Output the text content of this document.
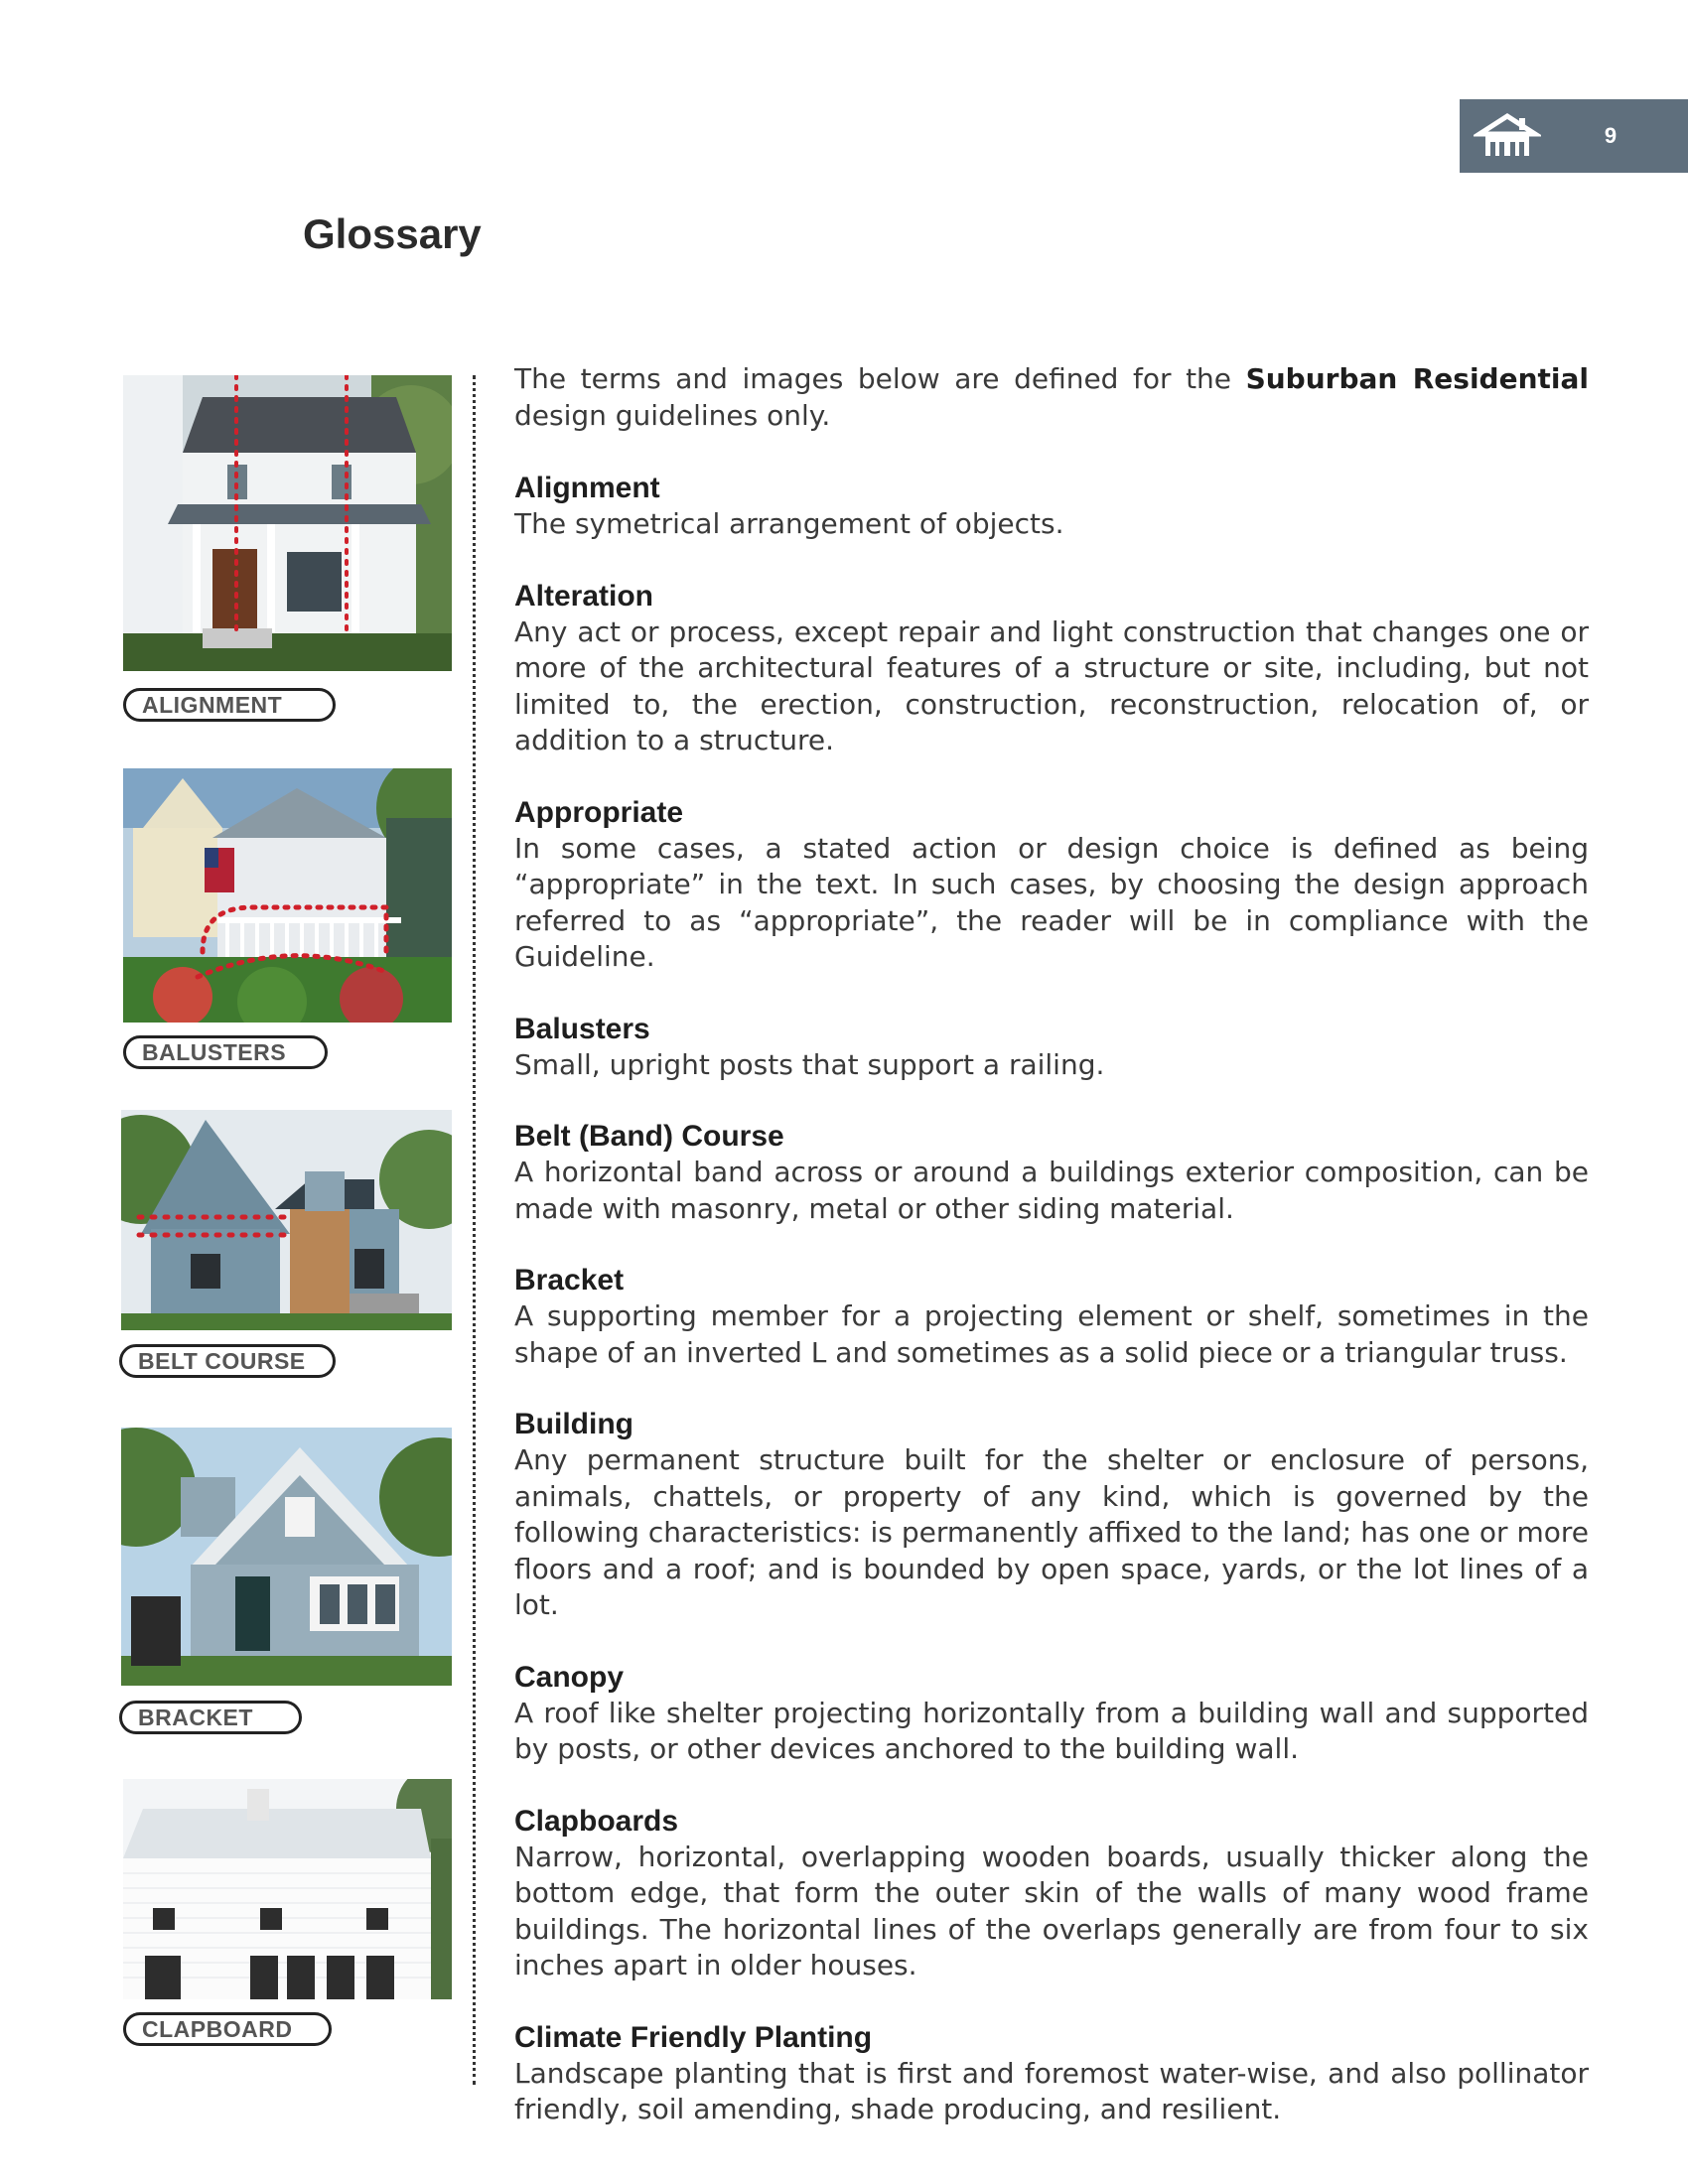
9
Glossary
ALIGNMENT
BALUSTERS
BELT COURSE
BRACKET
CLAPBOARD

The terms and images below are defined for the Suburban Residential design guidelines only.

Alignment
The symetrical arrangement of objects.
Alteration
Any act or process, except repair and light construction that changes one or more of the architectural features of a structure or site, including, but not limited to, the erection, construction, reconstruction, relocation of, or addition to a structure.
Appropriate
In some cases, a stated action or design choice is defined as being “appropriate” in the text. In such cases, by choosing the design approach referred to as “appropriate”, the reader will be in compliance with the Guideline.
Balusters
Small, upright posts that support a railing.
Belt (Band) Course
A horizontal band across or around a buildings exterior composition, can be made with masonry, metal or other siding material.
Bracket
A supporting member for a projecting element or shelf, sometimes in the shape of an inverted L and sometimes as a solid piece or a triangular truss.
Building
Any permanent structure built for the shelter or enclosure of persons, animals, chattels, or property of any kind, which is governed by the following characteristics: is permanently affixed to the land; has one or more floors and a roof; and is bounded by open space, yards, or the lot lines of a lot.
Canopy
A roof like shelter projecting horizontally from a building wall and supported by posts, or other devices anchored to the building wall.
Clapboards
Narrow, horizontal, overlapping wooden boards, usually thicker along the bottom edge, that form the outer skin of the walls of many wood frame buildings. The horizontal lines of the overlaps generally are from four to six inches apart in older houses.
Climate Friendly Planting
Landscape planting that is first and foremost water-wise, and also pollinator friendly, soil amending, shade producing, and resilient.
